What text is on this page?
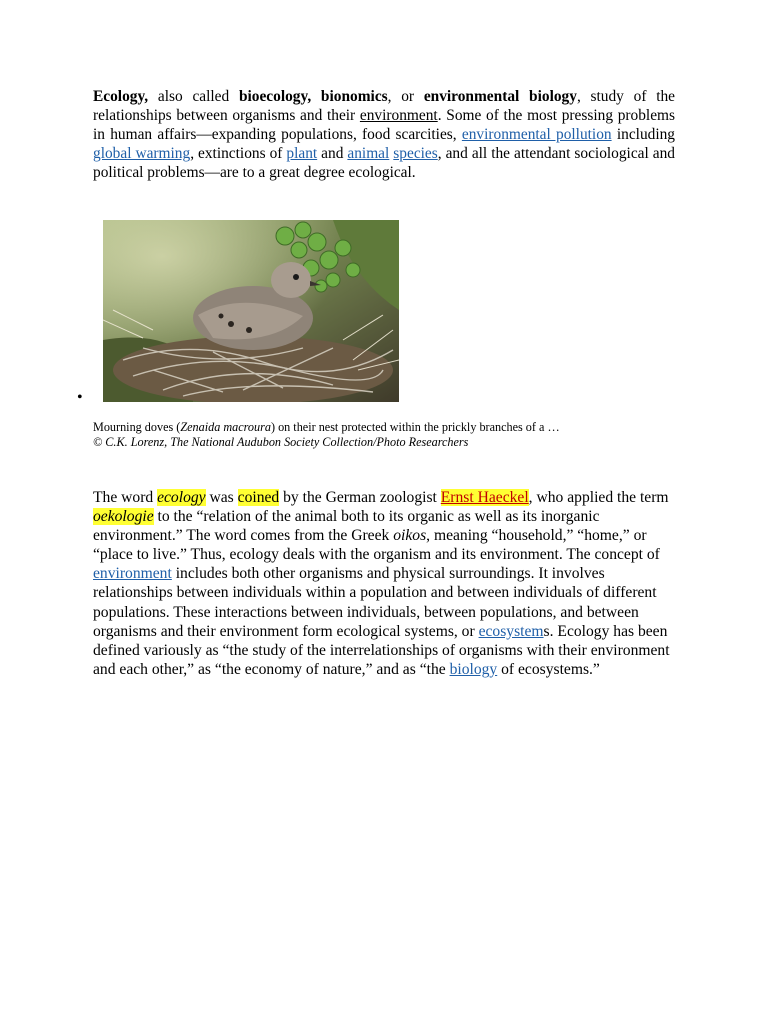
Ecology, also called bioecology, bionomics, or environmental biology, study of the relationships between organisms and their environment. Some of the most pressing problems in human affairs—expanding populations, food scarcities, environmental pollution including global warming, extinctions of plant and animal species, and all the attendant sociological and political problems—are to a great degree ecological.

•
Mourning doves (Zenaida macroura) on their nest protected within the prickly branches of a …
© C.K. Lorenz, The National Audubon Society Collection/Photo Researchers

The word ecology was coined by the German zoologist Ernst Haeckel, who applied the term oekologie to the “relation of the animal both to its organic as well as its inorganic environment.” The word comes from the Greek oikos, meaning “household,” “home,” or “place to live.” Thus, ecology deals with the organism and its environment. The concept of environment includes both other organisms and physical surroundings. It involves relationships between individuals within a population and between individuals of different populations. These interactions between individuals, between populations, and between organisms and their environment form ecological systems, or ecosystems. Ecology has been defined variously as “the study of the interrelationships of organisms with their environment and each other,” as “the economy of nature,” and as “the biology of ecosystems.”
